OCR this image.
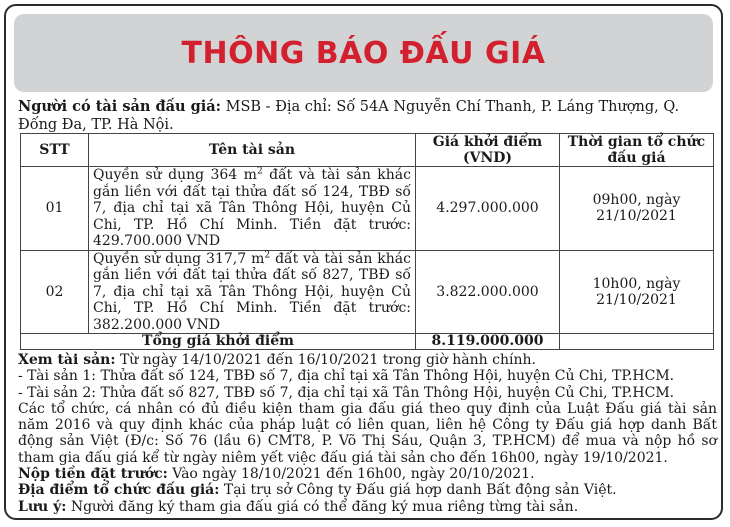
THÔNG BÁO ĐẤU GIÁ
Người có tài sản đấu giá: MSB - Địa chỉ: Số 54A Nguyễn Chí Thanh, P. Láng Thượng, Q. Đống Đa, TP. Hà Nội.
STT	Tên tài sản	Giá khởi điểm (VND)	Thời gian tổ chức đấu giá
01	Quyền sử dụng 364 $m^2$ đất và tài sản khác gắn liền với đất tại thửa đất số 124, TBĐ số 7, địa chỉ tại xã Tân Thông Hội, huyện Củ Chi, TP. Hồ Chí Minh. Tiền đặt trước: 429.700.000 VND	4.297.000.000	09h00, ngày
21/10/2021
02	Quyền sử dụng 317,7 $m^2$ đất và tài sản khác gắn liền với đất tại thửa đất số 827, TBĐ số 7, địa chỉ tại xã Tân Thông Hội, huyện Củ Chi, TP. Hồ Chí Minh. Tiền đặt trước: 382.200.000 VND	3.822.000.000	10h00, ngày
21/10/2021
Tổng giá khởi điểm		8.119.000.000	

Xem tài sản: Từ ngày 14/10/2021 đến 16/10/2021 trong giờ hành chính.

- Tài sản 1: Thửa đất số 124, TBĐ số 7, địa chỉ tại xã Tân Thông Hội, huyện Củ Chi, TP.HCM.

- Tài sản 2: Thửa đất số 827, TBĐ số 7, địa chỉ tại xã Tân Thông Hội, huyện Củ Chi, TP.HCM.

Các tổ chức, cá nhân có đủ điều kiện tham gia đấu giá theo quy định của Luật Đấu giá tài sản năm 2016 và quy định khác của pháp luật có liên quan, liên hệ Công ty Đấu giá hợp danh Bất động sản Việt (Đ/c: Số 76 (lầu 6) CMT8, P. Võ Thị Sáu, Quận 3, TP.HCM) để mua và nộp hồ sơ tham gia đấu giá kể từ ngày niêm yết việc đấu giá tài sản cho đến 16h00, ngày 19/10/2021.

Nộp tiền đặt trước: Vào ngày 18/10/2021 đến 16h00, ngày 20/10/2021.

Địa điểm tổ chức đấu giá: Tại trụ sở Công ty Đấu giá hợp danh Bất động sản Việt.

Lưu ý: Người đăng ký tham gia đấu giá có thể đăng ký mua riêng từng tài sản.
